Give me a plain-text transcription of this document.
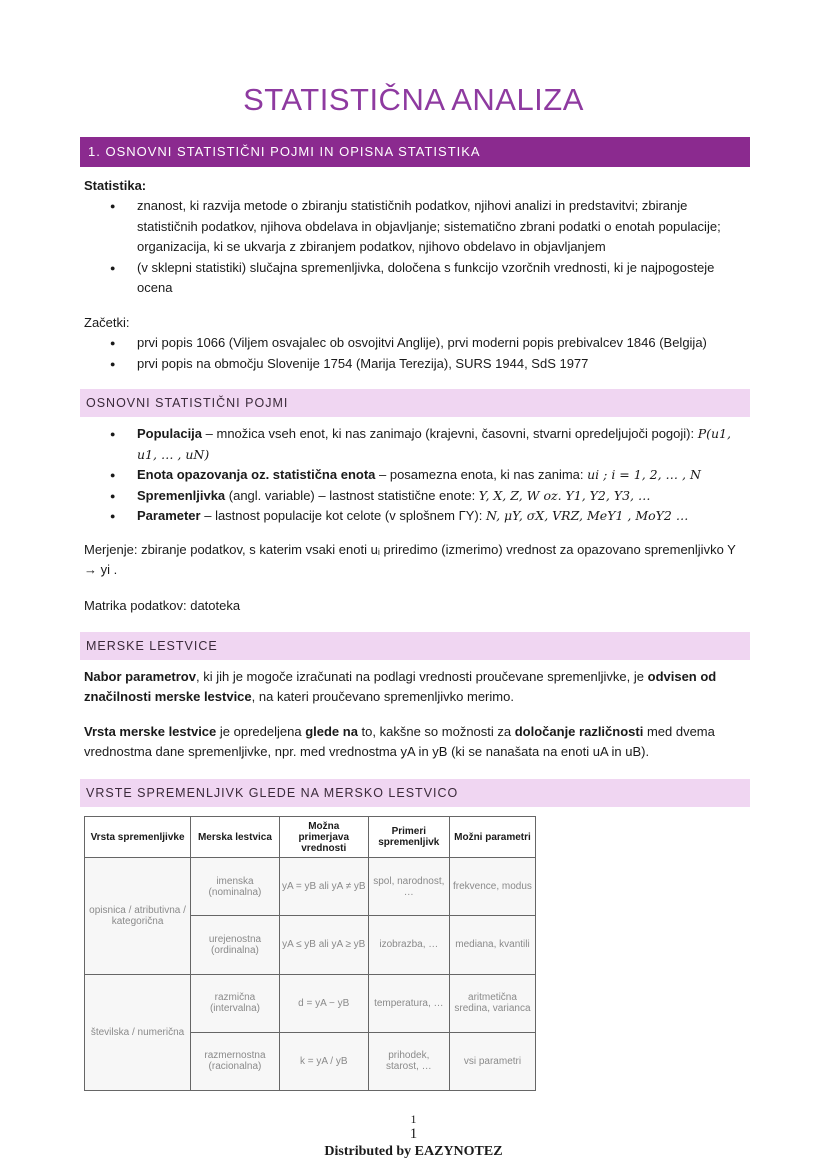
STATISTIČNA ANALIZA
1. OSNOVNI STATISTIČNI POJMI IN OPISNA STATISTIKA
Statistika:
● znanost, ki razvija metode o zbiranju statističnih podatkov, njihovi analizi in predstavitvi; zbiranje statističnih podatkov, njihova obdelava in objavljanje; sistematično zbrani podatki o enotah populacije; organizacija, ki se ukvarja z zbiranjem podatkov, njihovo obdelavo in objavljanjem
● (v sklepni statistiki) slučajna spremenljivka, določena s funkcijo vzorčnih vrednosti, ki je najpogosteje ocena
Začetki:
● prvi popis 1066 (Viljem osvajalec ob osvojitvi Anglije), prvi moderni popis prebivalcev 1846 (Belgija)
● prvi popis na območju Slovenije 1754 (Marija Terezija), SURS 1944, SdS 1977
OSNOVNI STATISTIČNI POJMI
● Populacija – množica vseh enot, ki nas zanimajo (krajevni, časovni, stvarni opredeljujoči pogoji): P(u1, u1, … , uN)
● Enota opazovanja oz. statistična enota – posamezna enota, ki nas zanima: ui ; i = 1, 2, … , N
● Spremenljivka (angl. variable) – lastnost statistične enote: Y, X, Z, W oz. Y1, Y2, Y3, …
● Parameter – lastnost populacije kot celote (v splošnem ΓY): N, μY, σX, VRZ, MeY1 , MoY2 …
Merjenje: zbiranje podatkov, s katerim vsaki enoti uᵢ priredimo (izmerimo) vrednost za opazovano spremenljivko Y → yi .
Matrika podatkov: datoteka
MERSKE LESTVICE
Nabor parametrov, ki jih je mogoče izračunati na podlagi vrednosti proučevane spremenljivke, je odvisen od značilnosti merske lestvice, na kateri proučevano spremenljivko merimo.
Vrsta merske lestvice je opredeljena glede na to, kakšne so možnosti za določanje različnosti med dvema vrednostma dane spremenljivke, npr. med vrednostma yA in yB (ki se nanašata na enoti uA in uB).
VRSTE SPREMENLJIVK GLEDE NA MERSKO LESTVICO
Vrsta spremenljivke	Merska lestvica	Možna primerjava vrednosti	Primeri spremenljivk	Možni parametri
opisnica / atributivna / kategorična	imenska (nominalna)	yA = yB ali yA ≠ yB	spol, narodnost, …	frekvence, modus
	urejenostna (ordinalna)	yA ≤ yB ali yA ≥ yB	izobrazba, …	mediana, kvantili
številska / numerična	razmična (intervalna)	d = yA − yB	temperatura, …	aritmetična sredina, varianca
	razmernostna (racionalna)	k = yA / yB	prihodek, starost, …	vsi parametri
1
1
Distributed by EAZYNOTEZ
